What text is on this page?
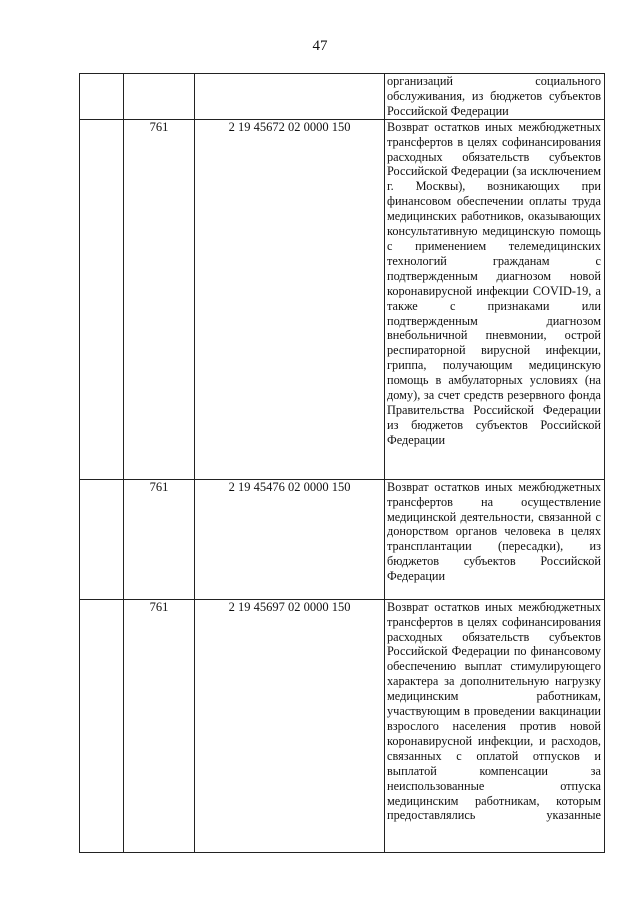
47

			организаций социального обслуживания, из бюджетов субъектов Российской Федерации

	761	2 19 45672 02 0000 150	Возврат остатков иных межбюджетных трансфертов в целях софинансирования расходных обязательств субъектов Российской Федерации (за исключением г. Москвы), возникающих при финансовом обеспечении оплаты труда медицинских работников, оказывающих консультативную медицинскую помощь с применением телемедицинских технологий гражданам с подтвержденным диагнозом новой коронавирусной инфекции COVID-19, а также с признаками или подтвержденным диагнозом внебольничной пневмонии, острой респираторной вирусной инфекции, гриппа, получающим медицинскую помощь в амбулаторных условиях (на дому), за счет средств резервного фонда Правительства Российской Федерации из бюджетов субъектов Российской Федерации

	761	2 19 45476 02 0000 150	Возврат остатков иных межбюджетных трансфертов на осуществление медицинской деятельности, связанной с донорством органов человека в целях трансплантации (пересадки), из бюджетов субъектов Российской Федерации

	761	2 19 45697 02 0000 150	Возврат остатков иных межбюджетных трансфертов в целях софинансирования расходных обязательств субъектов Российской Федерации по финансовому обеспечению выплат стимулирующего характера за дополнительную нагрузку медицинским работникам, участвующим в проведении вакцинации взрослого населения против новой коронавирусной инфекции, и расходов, связанных с оплатой отпусков и выплатой компенсации за неиспользованные отпуска медицинским работникам, которым предоставлялись указанные
